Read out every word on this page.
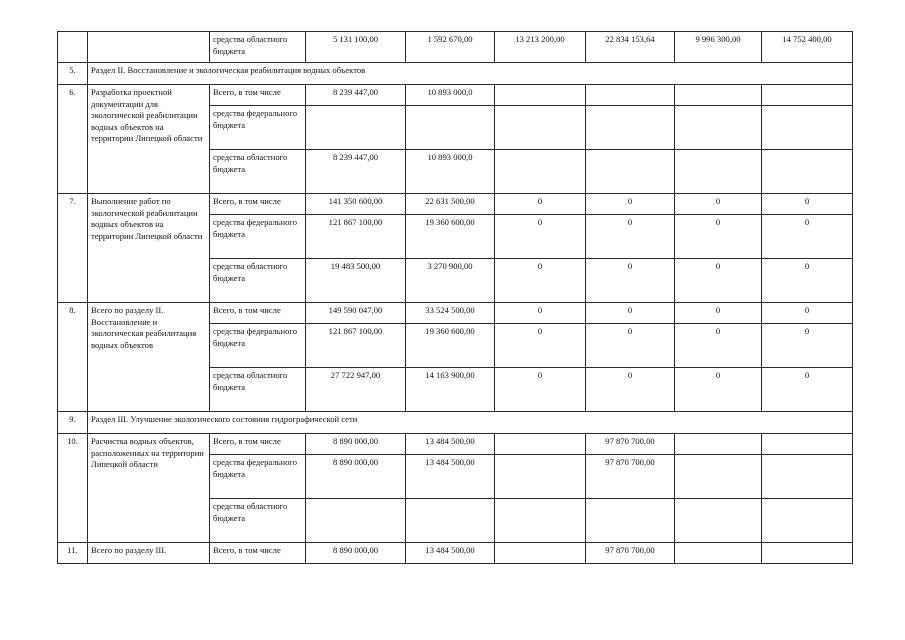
		средства областного бюджета	5 131 100,00	1 592 670,00	13 213 200,00	22 834 153,64	9 996 300,00	14 752 400,00
5.	Раздел II. Восстановление и экологическая реабилитация водных объектов							
6.	Разработка проектной документации для экологической реабилитации водных объектов на территории Липецкой области	Всего, в том числе	8 239 447,00	10 893 000,0				
		средства федерального бюджета						
		средства областного бюджета	8 239 447,00	10 893 000,0				
7.	Выполнение работ по экологической реабилитации водных объектов на территории Липецкой области	Всего, в том числе	141 350 600,00	22 631 500,00	0	0	0	0
		средства федерального бюджета	121 867 100,00	19 360 600,00	0	0	0	0
		средства областного бюджета	19 483 500,00	3 270 900,00	0	0	0	0
8.	Всего по разделу II. Восстановление и экологическая реабилитация водных объектов	Всего, в том числе	149 590 047,00	33 524 500,00	0	0	0	0
		средства федерального бюджета	121 867 100,00	19 360 600,00	0	0	0	0
		средства областного бюджета	27 722 947,00	14 163 900,00	0	0	0	0
9.	Раздел III. Улучшение экологического состояния гидрографической сети							
10.	Расчистка водных объектов, расположенных на территории Липецкой области	Всего, в том числе	8 890 000,00	13 484 500,00		97 870 700,00		
		средства федерального бюджета	8 890 000,00	13 484 500,00		97 870 700,00		
		средства областного бюджета						
11.	Всего по разделу III.	Всего, в том числе	8 890 000,00	13 484 500,00		97 870 700,00		
